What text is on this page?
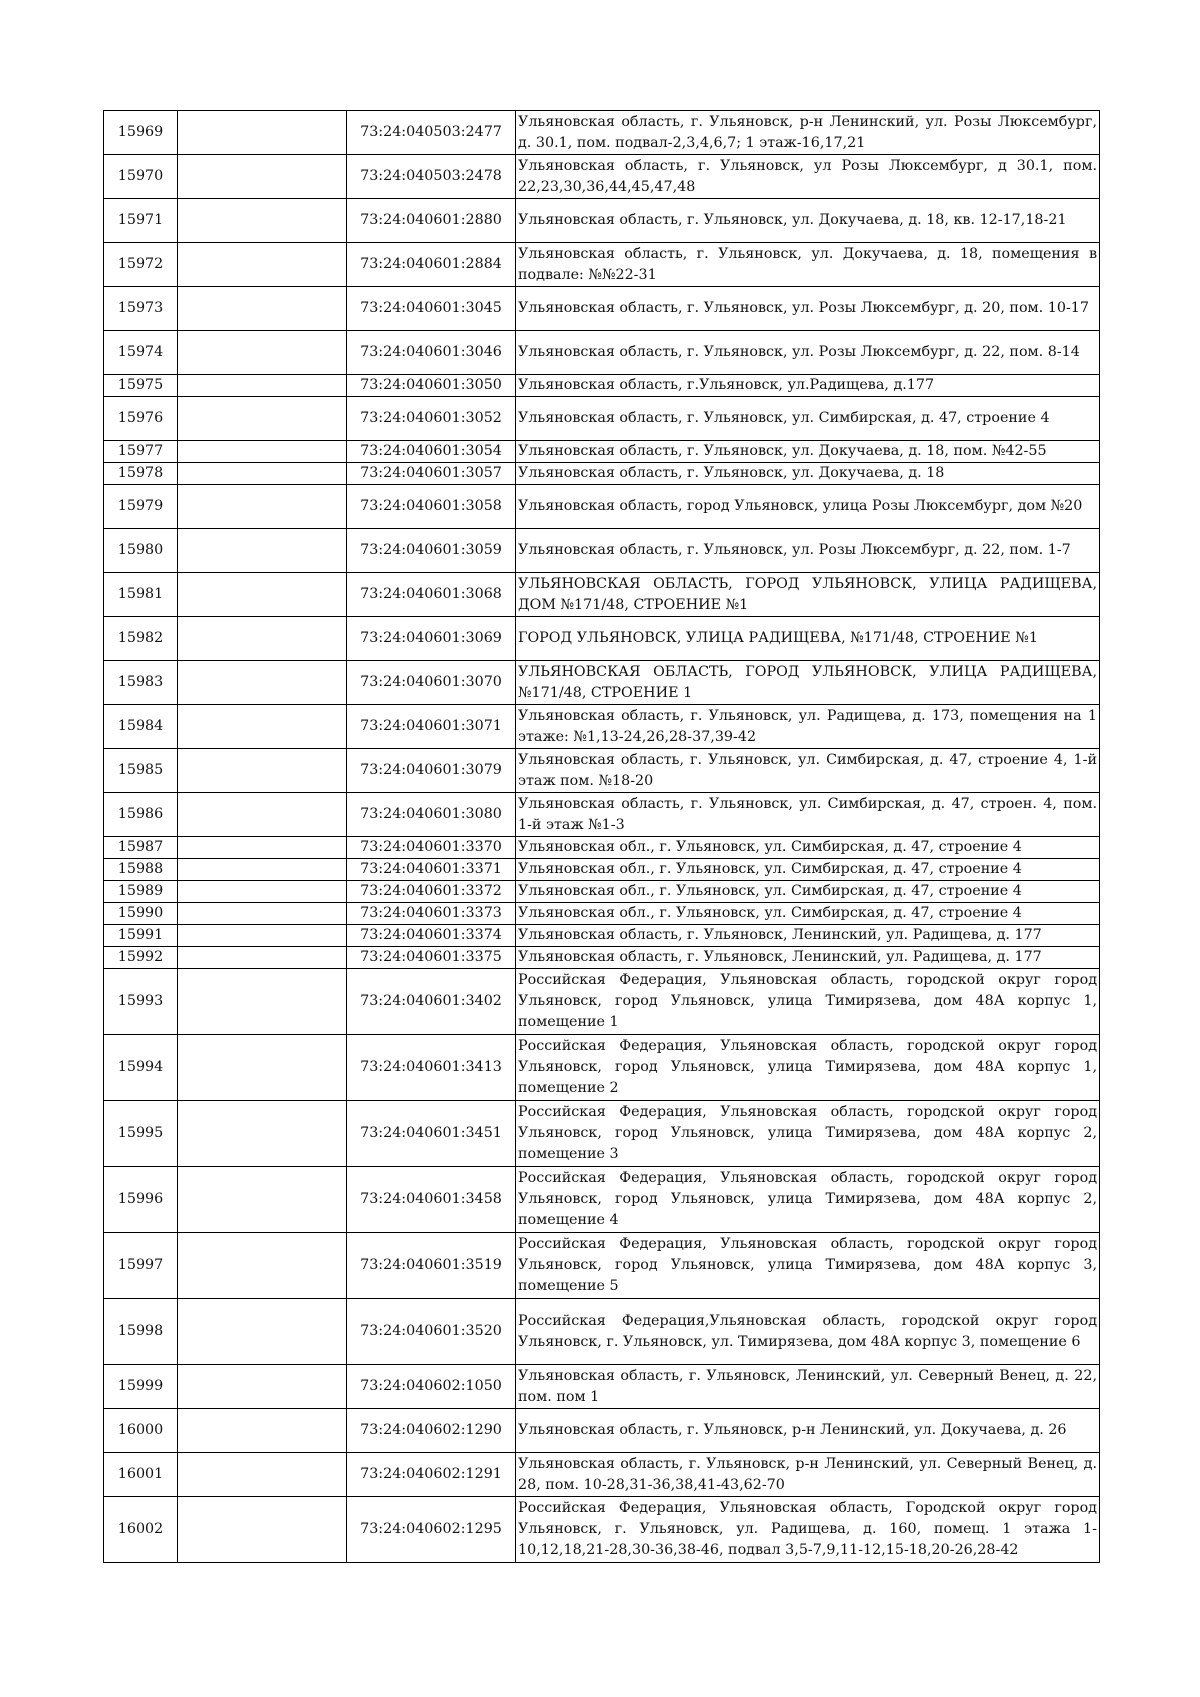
15969		73:24:040503:2477	Ульяновская область, г. Ульяновск, р-н Ленинский, ул. Розы Люксембург, д. 30.1, пом. подвал-2,3,4,6,7; 1 этаж-16,17,21
15970		73:24:040503:2478	Ульяновская область, г. Ульяновск, ул Розы Люксембург, д 30.1, пом. 22,23,30,36,44,45,47,48
15971		73:24:040601:2880	Ульяновская область, г. Ульяновск, ул. Докучаева, д. 18, кв. 12-17,18-21
15972		73:24:040601:2884	Ульяновская область, г. Ульяновск, ул. Докучаева, д. 18, помещения в подвале: №№22-31
15973		73:24:040601:3045	Ульяновская область, г. Ульяновск, ул. Розы Люксембург, д. 20, пом. 10-17
15974		73:24:040601:3046	Ульяновская область, г. Ульяновск, ул. Розы Люксембург, д. 22, пом. 8-14
15975		73:24:040601:3050	Ульяновская область, г.Ульяновск, ул.Радищева, д.177
15976		73:24:040601:3052	Ульяновская область, г. Ульяновск, ул. Симбирская, д. 47, строение 4
15977		73:24:040601:3054	Ульяновская область, г. Ульяновск, ул. Докучаева, д. 18, пом. №42-55
15978		73:24:040601:3057	Ульяновская область, г. Ульяновск, ул. Докучаева, д. 18
15979		73:24:040601:3058	Ульяновская область, город Ульяновск, улица Розы Люксембург, дом №20
15980		73:24:040601:3059	Ульяновская область, г. Ульяновск, ул. Розы Люксембург, д. 22, пом. 1-7
15981		73:24:040601:3068	УЛЬЯНОВСКАЯ ОБЛАСТЬ, ГОРОД УЛЬЯНОВСК, УЛИЦА РАДИЩЕВА, ДОМ №171/48, СТРОЕНИЕ №1
15982		73:24:040601:3069	ГОРОД УЛЬЯНОВСК, УЛИЦА РАДИЩЕВА, №171/48, СТРОЕНИЕ №1
15983		73:24:040601:3070	УЛЬЯНОВСКАЯ ОБЛАСТЬ, ГОРОД УЛЬЯНОВСК, УЛИЦА РАДИЩЕВА, №171/48, СТРОЕНИЕ 1
15984		73:24:040601:3071	Ульяновская область, г. Ульяновск, ул. Радищева, д. 173, помещения на 1 этаже: №1,13-24,26,28-37,39-42
15985		73:24:040601:3079	Ульяновская область, г. Ульяновск, ул. Симбирская, д. 47, строение 4, 1-й этаж пом. №18-20
15986		73:24:040601:3080	Ульяновская область, г. Ульяновск, ул. Симбирская, д. 47, строен. 4, пом. 1-й этаж №1-3
15987		73:24:040601:3370	Ульяновская обл., г. Ульяновск, ул. Симбирская, д. 47, строение 4
15988		73:24:040601:3371	Ульяновская обл., г. Ульяновск, ул. Симбирская, д. 47, строение 4
15989		73:24:040601:3372	Ульяновская обл., г. Ульяновск, ул. Симбирская, д. 47, строение 4
15990		73:24:040601:3373	Ульяновская обл., г. Ульяновск, ул. Симбирская, д. 47, строение 4
15991		73:24:040601:3374	Ульяновская область, г. Ульяновск, Ленинский, ул. Радищева, д. 177
15992		73:24:040601:3375	Ульяновская область, г. Ульяновск, Ленинский, ул. Радищева, д. 177
15993		73:24:040601:3402	Российская Федерация, Ульяновская область, городской округ город Ульяновск, город Ульяновск, улица Тимирязева, дом 48А корпус 1, помещение 1
15994		73:24:040601:3413	Российская Федерация, Ульяновская область, городской округ город Ульяновск, город Ульяновск, улица Тимирязева, дом 48А корпус 1, помещение 2
15995		73:24:040601:3451	Российская Федерация, Ульяновская область, городской округ город Ульяновск, город Ульяновск, улица Тимирязева, дом 48А корпус 2, помещение 3
15996		73:24:040601:3458	Российская Федерация, Ульяновская область, городской округ город Ульяновск, город Ульяновск, улица Тимирязева, дом 48А корпус 2, помещение 4
15997		73:24:040601:3519	Российская Федерация, Ульяновская область, городской округ город Ульяновск, город Ульяновск, улица Тимирязева, дом 48А корпус 3, помещение 5
15998		73:24:040601:3520	Российская Федерация,Ульяновская область, городской округ город Ульяновск, г. Ульяновск, ул. Тимирязева, дом 48А корпус 3, помещение 6
15999		73:24:040602:1050	Ульяновская область, г. Ульяновск, Ленинский, ул. Северный Венец, д. 22, пом. пом 1
16000		73:24:040602:1290	Ульяновская область, г. Ульяновск, р-н Ленинский, ул. Докучаева, д. 26
16001		73:24:040602:1291	Ульяновская область, г. Ульяновск, р-н Ленинский, ул. Северный Венец, д. 28, пом. 10-28,31-36,38,41-43,62-70
16002		73:24:040602:1295	Российская Федерация, Ульяновская область, Городской округ город Ульяновск, г. Ульяновск, ул. Радищева, д. 160, помещ. 1 этажа 1-10,12,18,21-28,30-36,38-46, подвал 3,5-7,9,11-12,15-18,20-26,28-42
